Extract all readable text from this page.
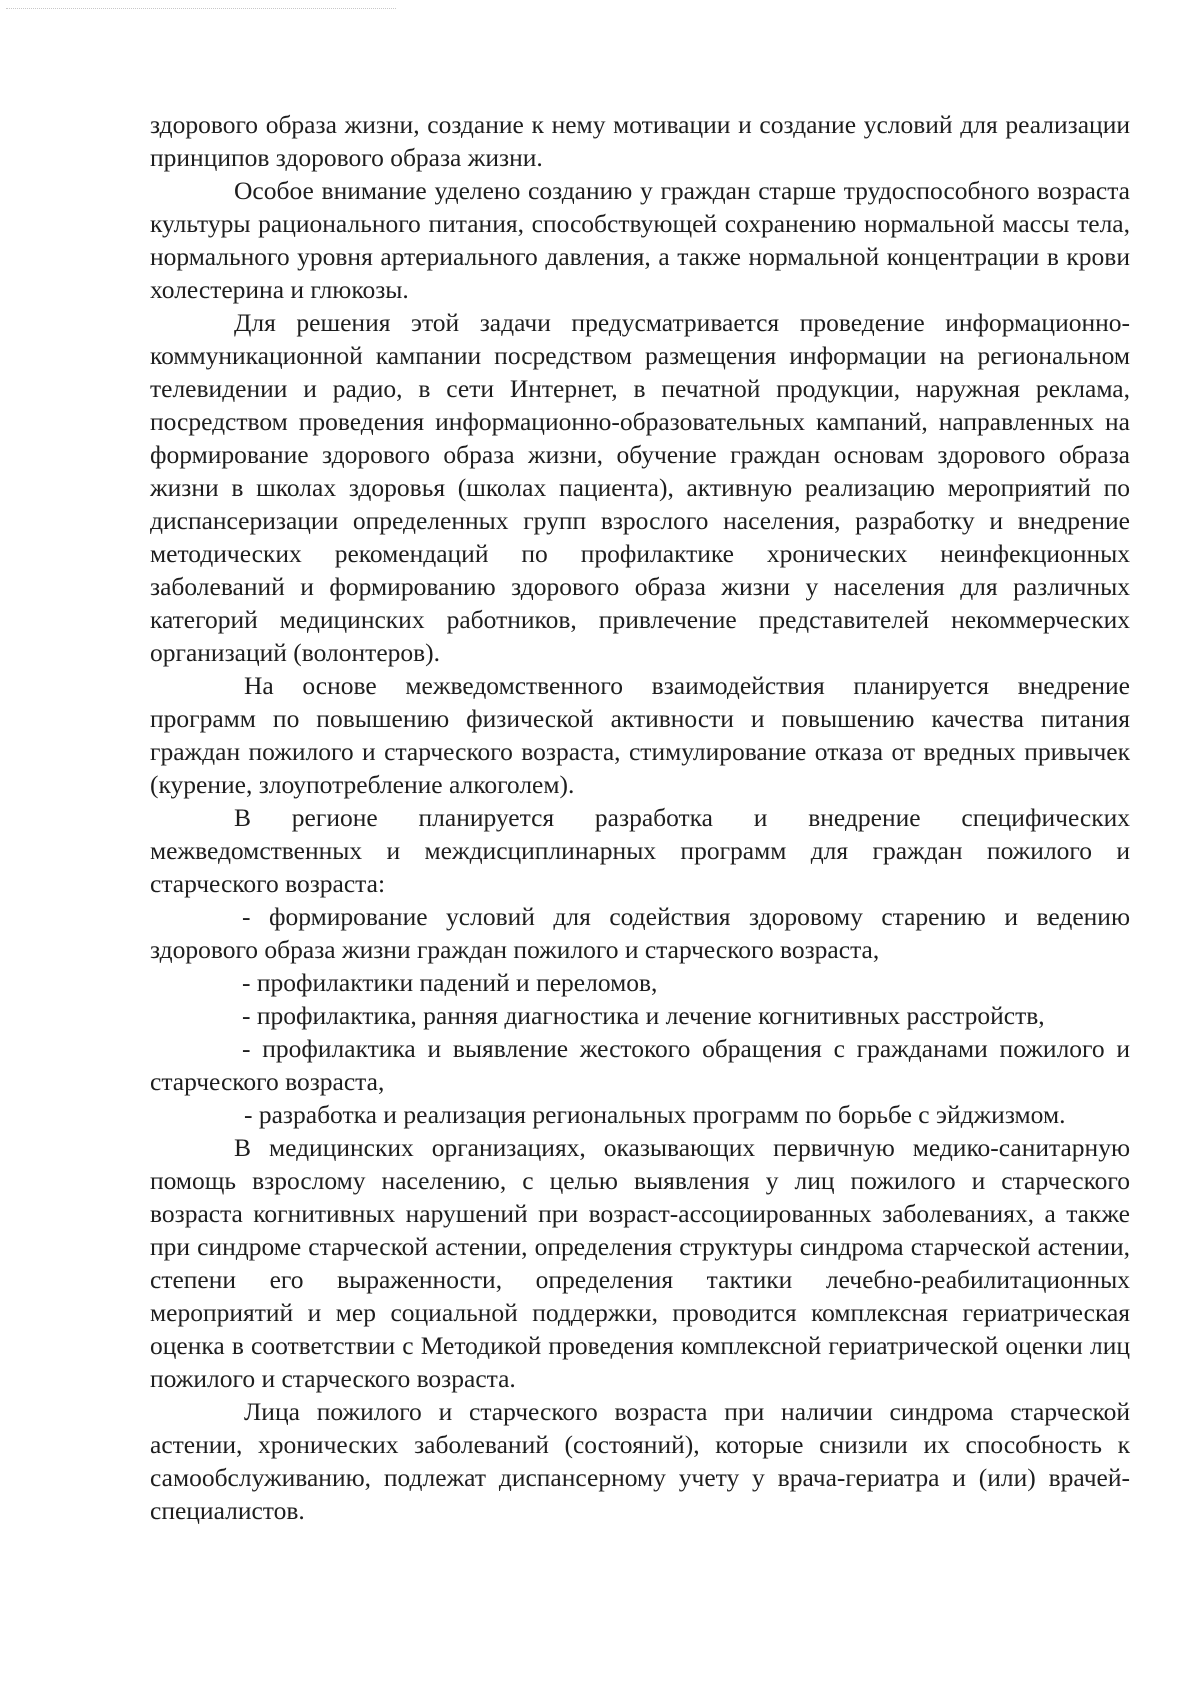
здорового образа жизни, создание к нему мотивации и создание условий для реализации принципов здорового образа жизни.

Особое внимание уделено созданию у граждан старше трудоспособного возраста культуры рационального питания, способствующей сохранению нормальной массы тела, нормального уровня артериального давления, а также нормальной концентрации в крови холестерина и глюкозы.

Для решения этой задачи предусматривается проведение информационно-коммуникационной кампании посредством размещения информации на региональном телевидении и радио, в сети Интернет, в печатной продукции, наружная реклама, посредством проведения информационно-образовательных кампаний, направленных на формирование здорового образа жизни, обучение граждан основам здорового образа жизни в школах здоровья (школах пациента), активную реализацию мероприятий по диспансеризации определенных групп взрослого населения, разработку и внедрение методических рекомендаций по профилактике хронических неинфекционных заболеваний и формированию здорового образа жизни у населения для различных категорий медицинских работников, привлечение представителей некоммерческих организаций (волонтеров).

На основе межведомственного взаимодействия планируется внедрение программ по повышению физической активности и повышению качества питания граждан пожилого и старческого возраста, стимулирование отказа от вредных привычек (курение, злоупотребление алкоголем).

В регионе планируется разработка и внедрение специфических межведомственных и междисциплинарных программ для граждан пожилого и старческого возраста:

- формирование условий для содействия здоровому старению и ведению здорового образа жизни граждан пожилого и старческого возраста,

- профилактики падений и переломов,

- профилактика, ранняя диагностика и лечение когнитивных расстройств,

- профилактика и выявление жестокого обращения с гражданами пожилого и старческого возраста,

- разработка и реализация региональных программ по борьбе с эйджизмом.

В медицинских организациях, оказывающих первичную медико-санитарную помощь взрослому населению, с целью выявления у лиц пожилого и старческого возраста когнитивных нарушений при возраст-ассоциированных заболеваниях, а также при синдроме старческой астении, определения структуры синдрома старческой астении, степени его выраженности, определения тактики лечебно-реабилитационных мероприятий и мер социальной поддержки, проводится комплексная гериатрическая оценка в соответствии с Методикой проведения комплексной гериатрической оценки лиц пожилого и старческого возраста.

Лица пожилого и старческого возраста при наличии синдрома старческой астении, хронических заболеваний (состояний), которые снизили их способность к самообслуживанию, подлежат диспансерному учету у врача-гериатра и (или) врачей-специалистов.
